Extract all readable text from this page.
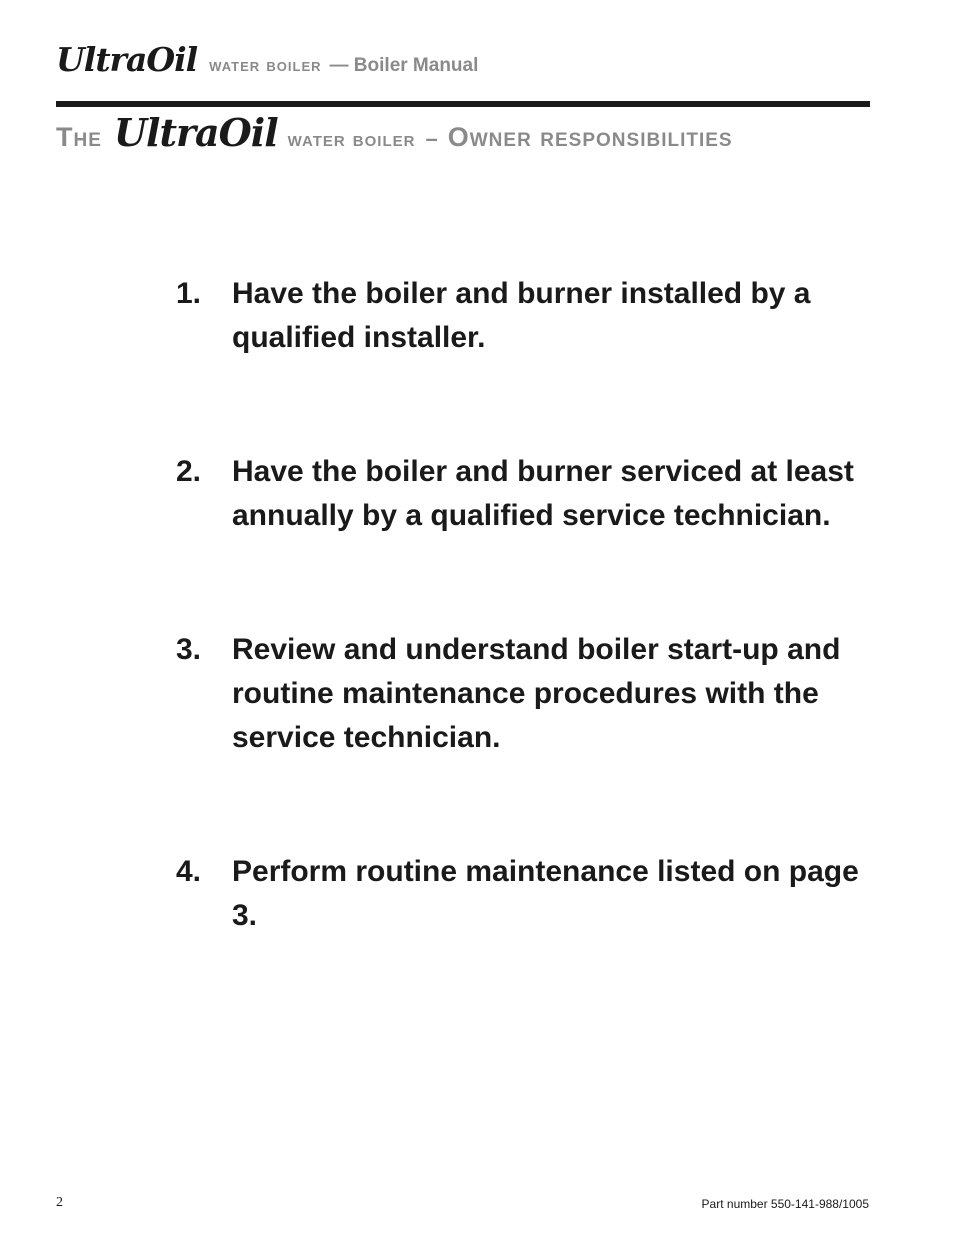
UltraOil water boiler — Boiler Manual
The UltraOil water boiler – Owner responsibilities
1.	Have the boiler and burner installed by a qualified installer.
2.	Have the boiler and burner serviced at least annually by a qualified service technician.
3.	Review and understand boiler start-up and routine maintenance procedures with the service technician.
4.	Perform routine maintenance listed on page 3.
2	Part number 550-141-988/1005
